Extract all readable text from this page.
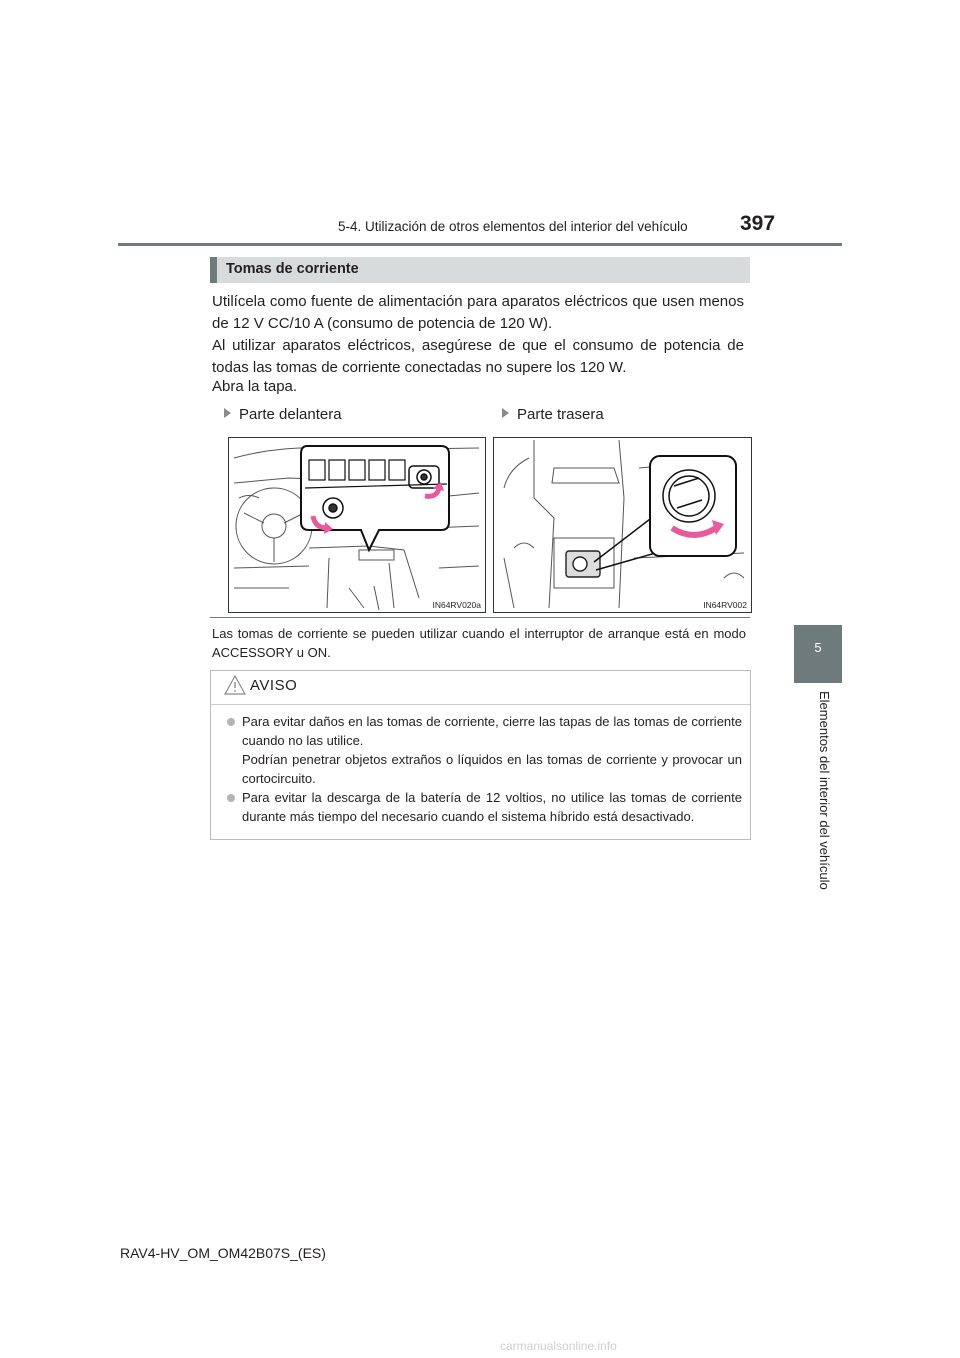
5-4. Utilización de otros elementos del interior del vehículo 397
5
Elementos del interior del vehículo
Tomas de corriente

Utilícela como fuente de alimentación para aparatos eléctricos que usen menos de 12 V CC/10 A (consumo de potencia de 120 W).

Al utilizar aparatos eléctricos, asegúrese de que el consumo de potencia de todas las tomas de corriente conectadas no supere los 120 W.

Abra la tapa.

Parte delantera	Parte trasera
IN64RV020a	IN64RV002

Las tomas de corriente se pueden utilizar cuando el interruptor de arranque está en modo ACCESSORY u ON.

AVISO

Para evitar daños en las tomas de corriente, cierre las tapas de las tomas de corriente cuando no las utilice.
Podrían penetrar objetos extraños o líquidos en las tomas de corriente y provocar un cortocircuito.

Para evitar la descarga de la batería de 12 voltios, no utilice las tomas de corriente durante más tiempo del necesario cuando el sistema híbrido está desactivado.

RAV4-HV_OM_OM42B07S_(ES)
carmanualsonline.info
